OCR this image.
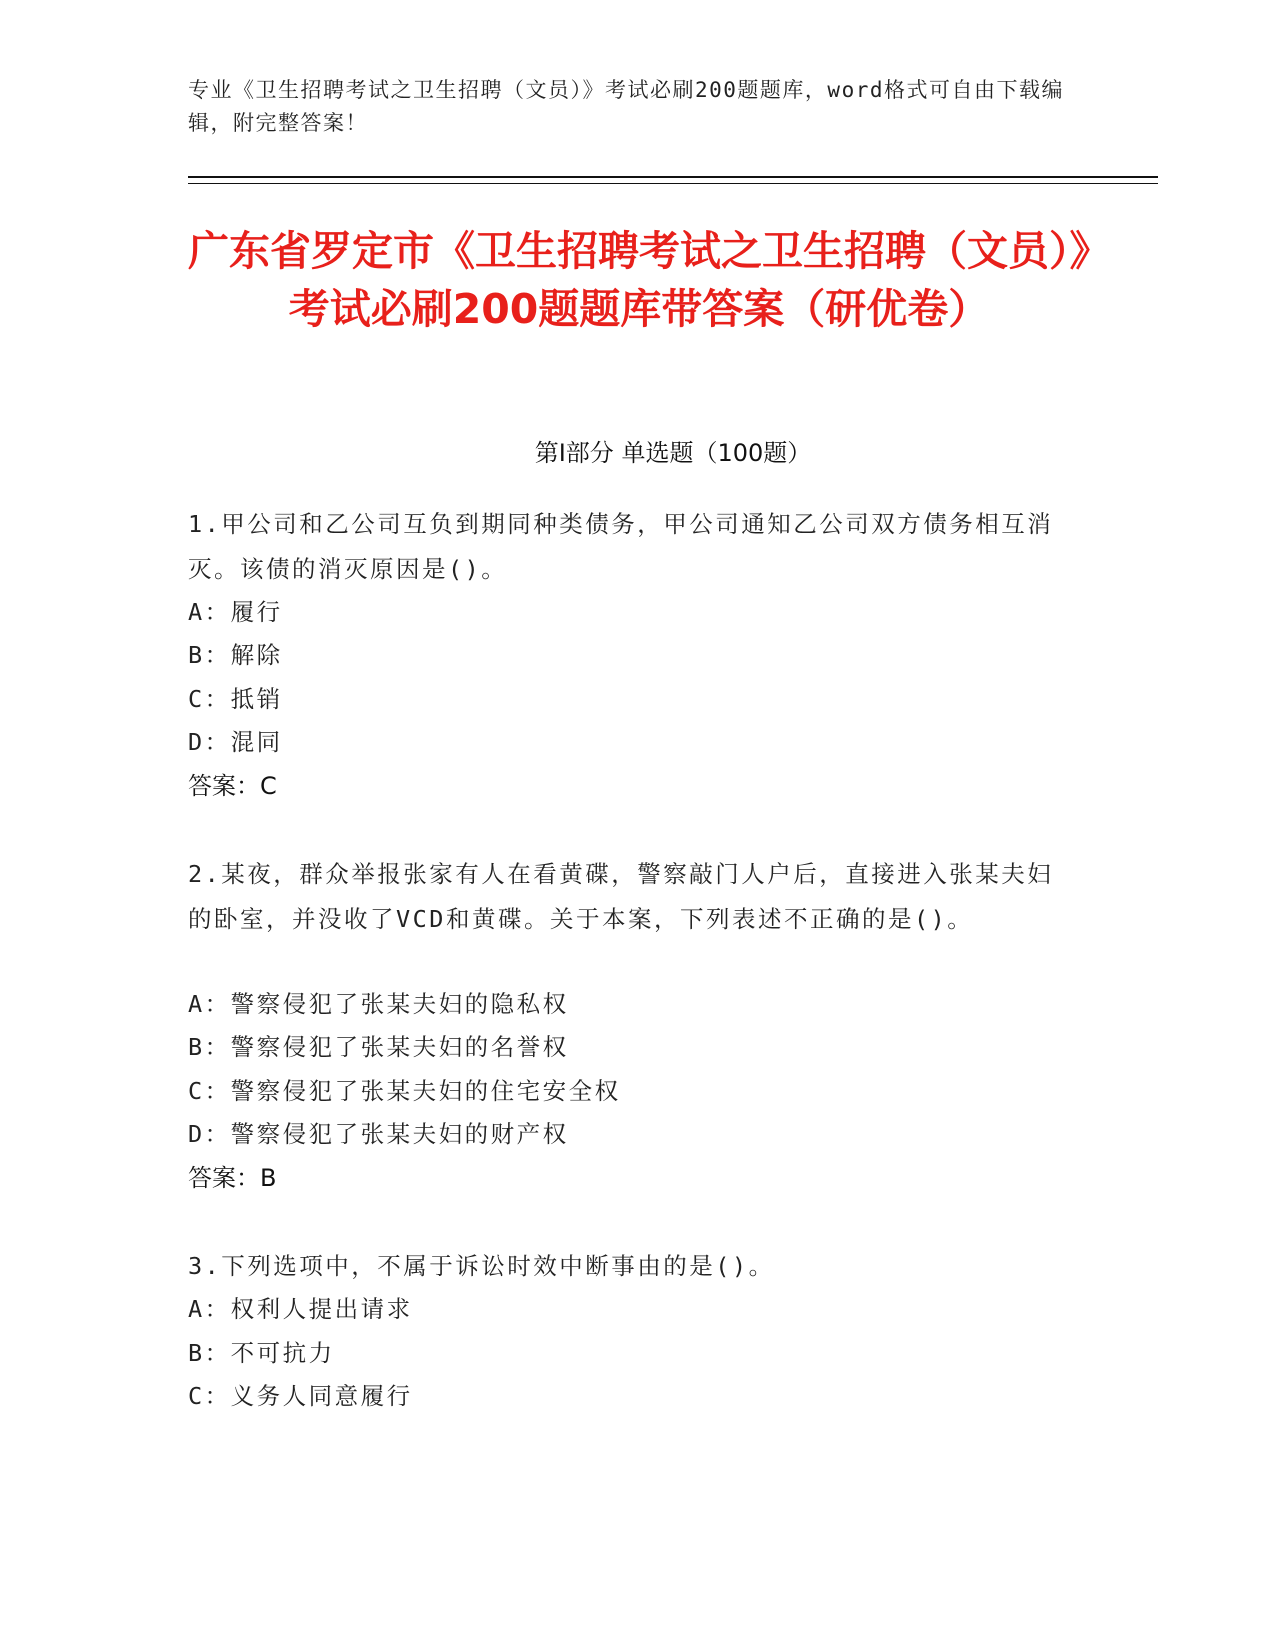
专业《卫生招聘考试之卫生招聘（文员）》考试必刷200题题库，word格式可自由下载编辑，附完整答案！
广东省罗定市《卫生招聘考试之卫生招聘（文员）》考试必刷200题题库带答案（研优卷）
第Ⅰ部分 单选题（100题）
1.甲公司和乙公司互负到期同种类债务，甲公司通知乙公司双方债务相互消灭。该债的消灭原因是()。
A：履行
B：解除
C：抵销
D：混同
答案：C
2.某夜，群众举报张家有人在看黄碟，警察敲门人户后，直接进入张某夫妇的卧室，并没收了VCD和黄碟。关于本案，下列表述不正确的是()。
A：警察侵犯了张某夫妇的隐私权
B：警察侵犯了张某夫妇的名誉权
C：警察侵犯了张某夫妇的住宅安全权
D：警察侵犯了张某夫妇的财产权
答案：B
3.下列选项中，不属于诉讼时效中断事由的是()。
A：权利人提出请求
B：不可抗力
C：义务人同意履行
